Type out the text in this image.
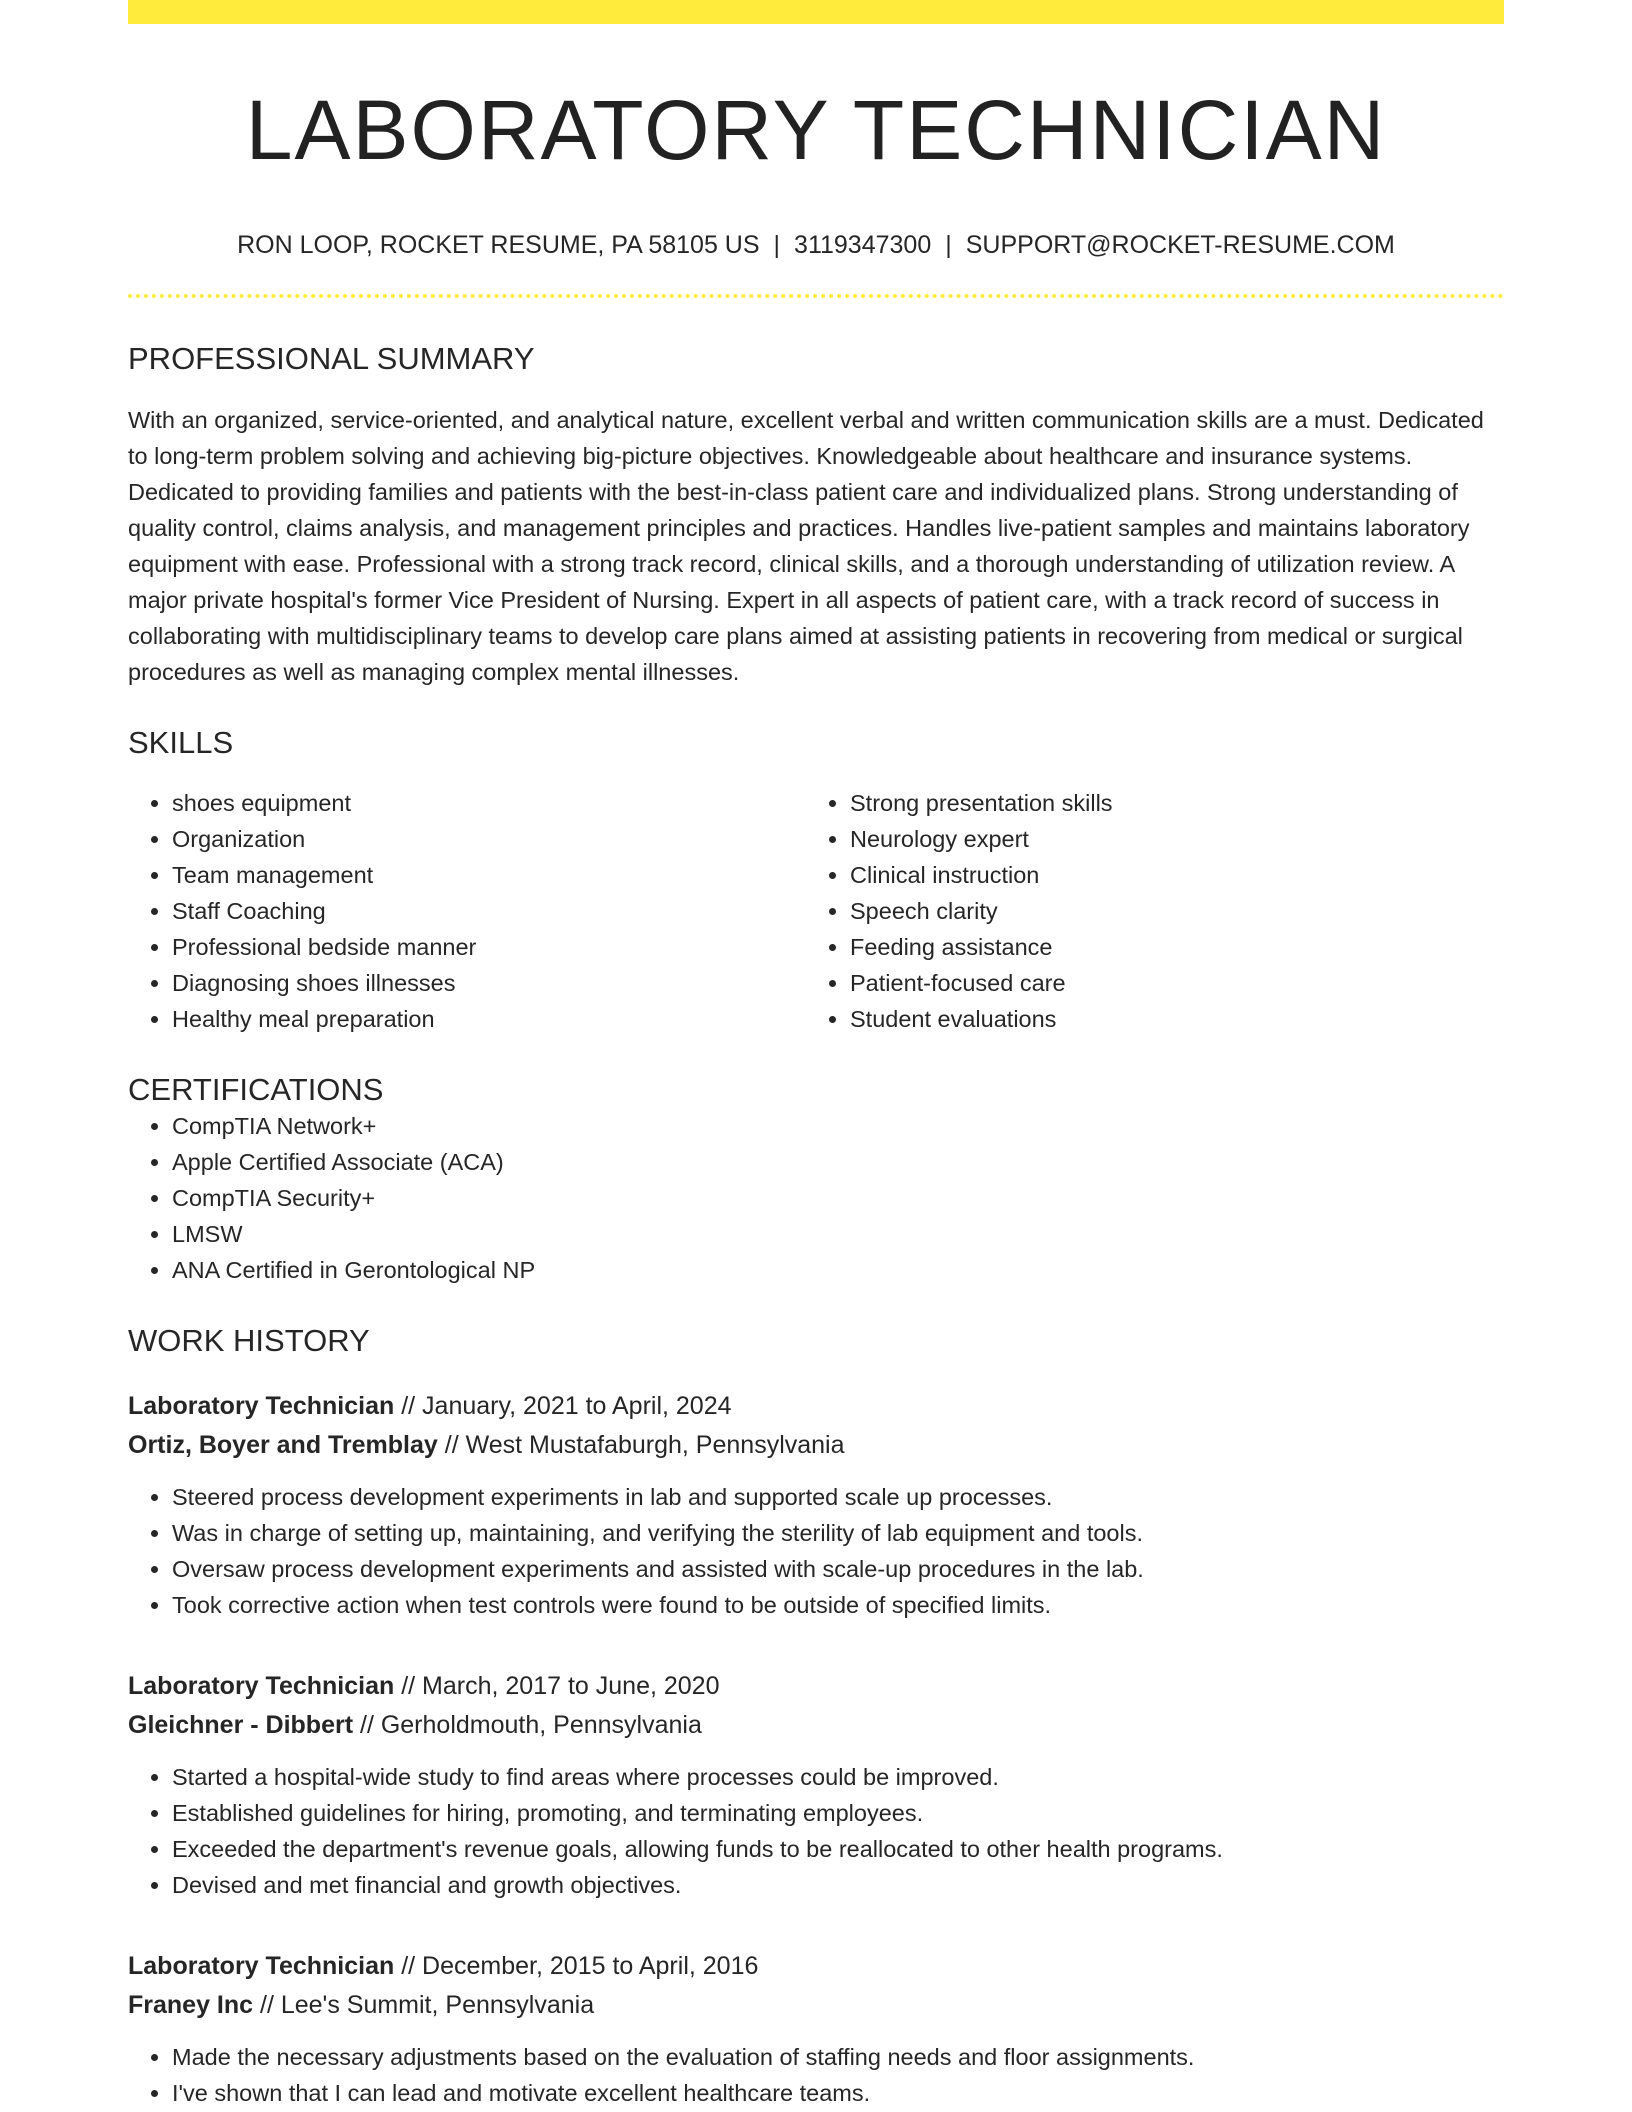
LABORATORY TECHNICIAN
RON LOOP, ROCKET RESUME, PA 58105 US | 3119347300 | SUPPORT@ROCKET-RESUME.COM
PROFESSIONAL SUMMARY

With an organized, service-oriented, and analytical nature, excellent verbal and written communication skills are a must. Dedicated to long-term problem solving and achieving big-picture objectives. Knowledgeable about healthcare and insurance systems. Dedicated to providing families and patients with the best-in-class patient care and individualized plans. Strong understanding of quality control, claims analysis, and management principles and practices. Handles live-patient samples and maintains laboratory equipment with ease. Professional with a strong track record, clinical skills, and a thorough understanding of utilization review. A major private hospital's former Vice President of Nursing. Expert in all aspects of patient care, with a track record of success in collaborating with multidisciplinary teams to develop care plans aimed at assisting patients in recovering from medical or surgical procedures as well as managing complex mental illnesses.

SKILLS
• shoes equipment
• Organization
• Team management
• Staff Coaching
• Professional bedside manner
• Diagnosing shoes illnesses
• Healthy meal preparation
• Strong presentation skills
• Neurology expert
• Clinical instruction
• Speech clarity
• Feeding assistance
• Patient-focused care
• Student evaluations
CERTIFICATIONS
• CompTIA Network+
• Apple Certified Associate (ACA)
• CompTIA Security+
• LMSW
• ANA Certified in Gerontological NP
WORK HISTORY
Laboratory Technician // January, 2021 to April, 2024
Ortiz, Boyer and Tremblay // West Mustafaburgh, Pennsylvania
• Steered process development experiments in lab and supported scale up processes.
• Was in charge of setting up, maintaining, and verifying the sterility of lab equipment and tools.
• Oversaw process development experiments and assisted with scale-up procedures in the lab.
• Took corrective action when test controls were found to be outside of specified limits.
Laboratory Technician // March, 2017 to June, 2020
Gleichner - Dibbert // Gerholdmouth, Pennsylvania
• Started a hospital-wide study to find areas where processes could be improved.
• Established guidelines for hiring, promoting, and terminating employees.
• Exceeded the department's revenue goals, allowing funds to be reallocated to other health programs.
• Devised and met financial and growth objectives.
Laboratory Technician // December, 2015 to April, 2016
Franey Inc // Lee's Summit, Pennsylvania
• Made the necessary adjustments based on the evaluation of staffing needs and floor assignments.
• I've shown that I can lead and motivate excellent healthcare teams.
